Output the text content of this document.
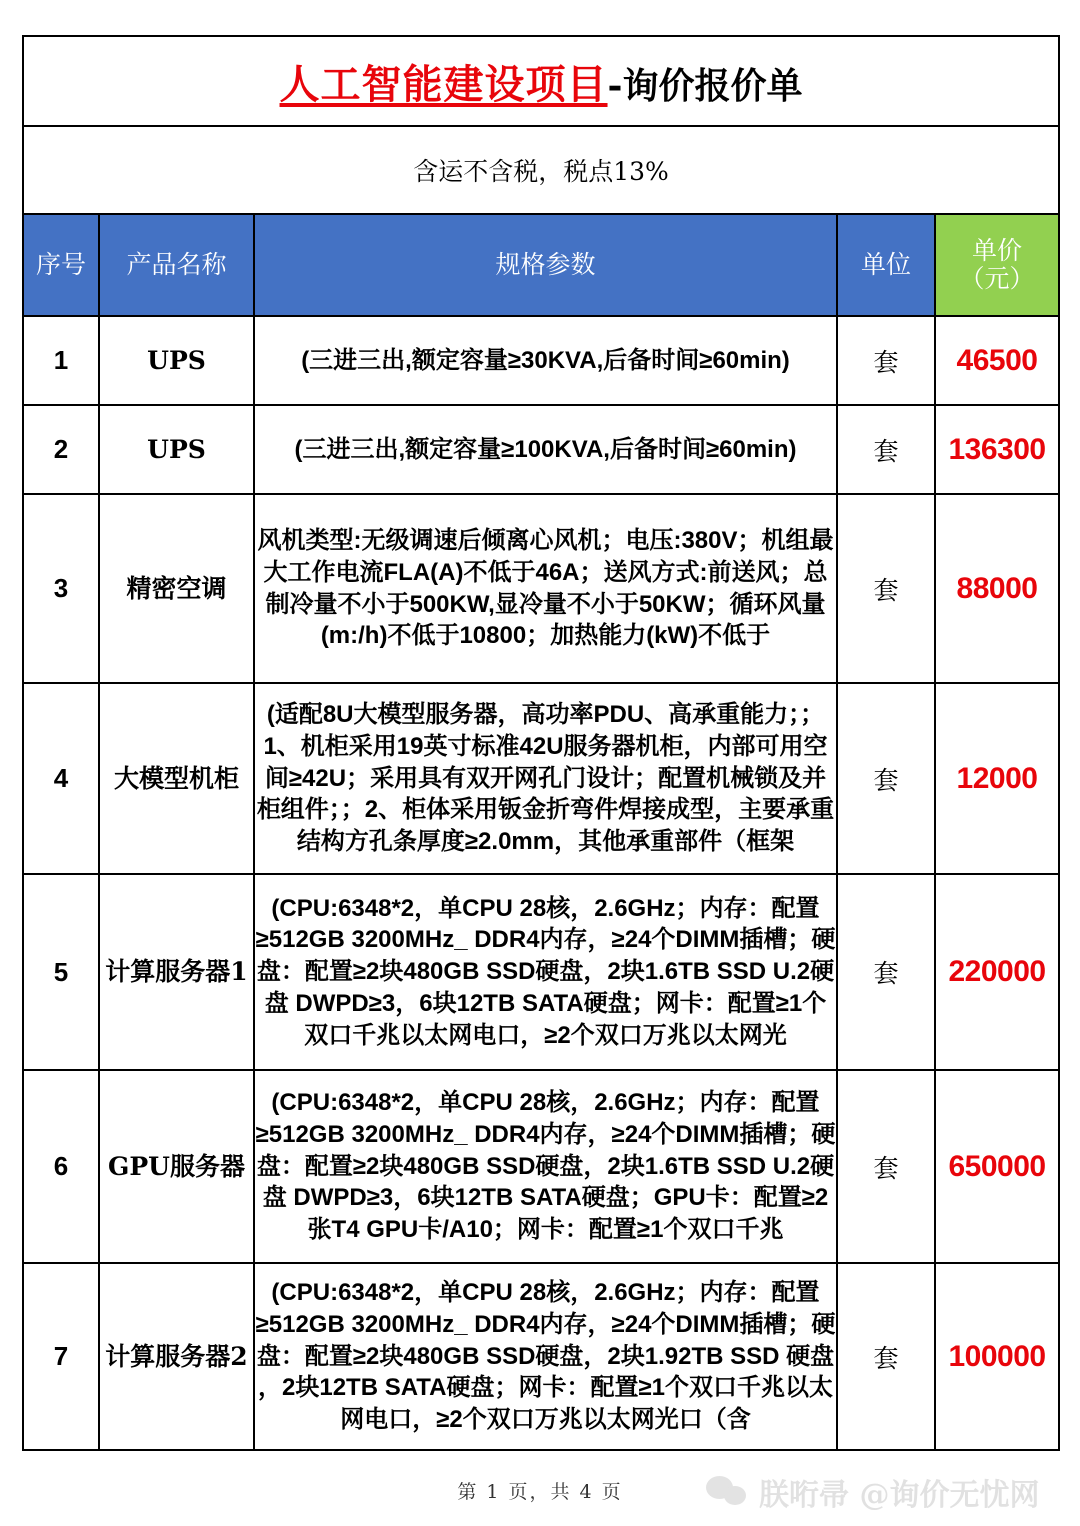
人工智能建设项目-询价报价单				
含运不含税，税点13%				
序号	产品名称	规格参数	单位	单价
（元）

1	UPS	(三进三出,额定容量≥30KVA,后备时间≥60min)	套	46500
2	UPS	(三进三出,额定容量≥100KVA,后备时间≥60min)	套	136300
3	精密空调	风机类型:无级调速后倾离心风机；电压:380V；机组最大工作电流FLA(A)不低于46A；送风方式:前送风；总制冷量不小于500KW,显冷量不小于50KW；循环风量(m:/h)不低于10800；加热能力(kW)不低于	套	88000
4	大模型机柜	(适配8U大模型服务器，高功率PDU、高承重能力；；1、机柜采用19英寸标准42U服务器机柜，内部可用空间≥42U；采用具有双开网孔门设计；配置机械锁及并柜组件；；2、柜体采用钣金折弯件焊接成型，主要承重结构方孔条厚度≥2.0mm，其他承重部件（框架	套	12000
5	计算服务器1	(CPU:6348*2，单CPU 28核，2.6GHz；内存：配置≥512GB 3200MHz_ DDR4内存，≥24个DIMM插槽；硬盘：配置≥2块480GB SSD硬盘，2块1.6TB SSD U.2硬盘 DWPD≥3，6块12TB SATA硬盘；网卡：配置≥1个双口千兆以太网电口，≥2个双口万兆以太网光	套	220000
6	GPU服务器	(CPU:6348*2，单CPU 28核，2.6GHz；内存：配置≥512GB 3200MHz_ DDR4内存，≥24个DIMM插槽；硬盘：配置≥2块480GB SSD硬盘，2块1.6TB SSD U.2硬盘 DWPD≥3，6块12TB SATA硬盘；GPU卡：配置≥2张T4 GPU卡/A10；网卡：配置≥1个双口千兆	套	650000
7	计算服务器2	(CPU:6348*2，单CPU 28核，2.6GHz；内存：配置≥512GB 3200MHz_ DDR4内存，≥24个DIMM插槽；硬盘：配置≥2块480GB SSD硬盘，2块1.92TB SSD 硬盘 ，2块12TB SATA硬盘；网卡：配置≥1个双口千兆以太网电口，≥2个双口万兆以太网光口（含	套	100000
第 1 页，共 4 页	朕哘帚 @询价无忧网
